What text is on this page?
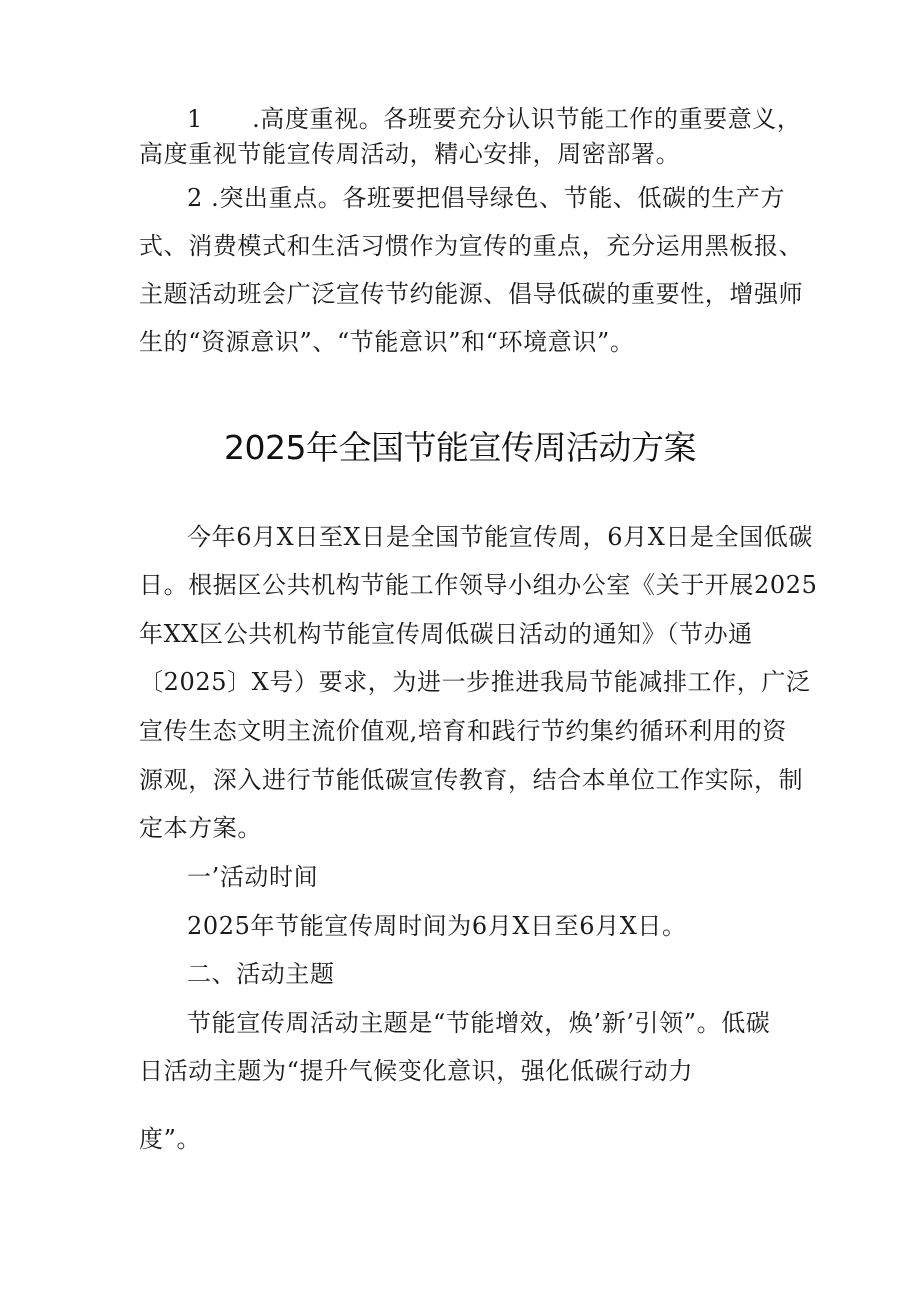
1　　.高度重视。各班要充分认识节能工作的重要意义，
高度重视节能宣传周活动，精心安排，周密部署。
2 .突出重点。各班要把倡导绿色、节能、低碳的生产方
式、消费模式和生活习惯作为宣传的重点，充分运用黑板报、
主题活动班会广泛宣传节约能源、倡导低碳的重要性，增强师
生的“资源意识”、“节能意识”和“环境意识”。
2025年全国节能宣传周活动方案
今年6月X日至X日是全国节能宣传周，6月X日是全国低碳
日。根据区公共机构节能工作领导小组办公室《关于开展2025
年XX区公共机构节能宣传周低碳日活动的通知》（节办通
〔2025〕X号）要求，为进一步推进我局节能减排工作，广泛
宣传生态文明主流价值观,培育和践行节约集约循环利用的资
源观，深入进行节能低碳宣传教育，结合本单位工作实际，制
定本方案。
一’活动时间
2025年节能宣传周时间为6月X日至6月X日。
二、活动主题
节能宣传周活动主题是“节能增效，焕’新’引领”。低碳
日活动主题为“提升气候变化意识，强化低碳行动力
度”。
